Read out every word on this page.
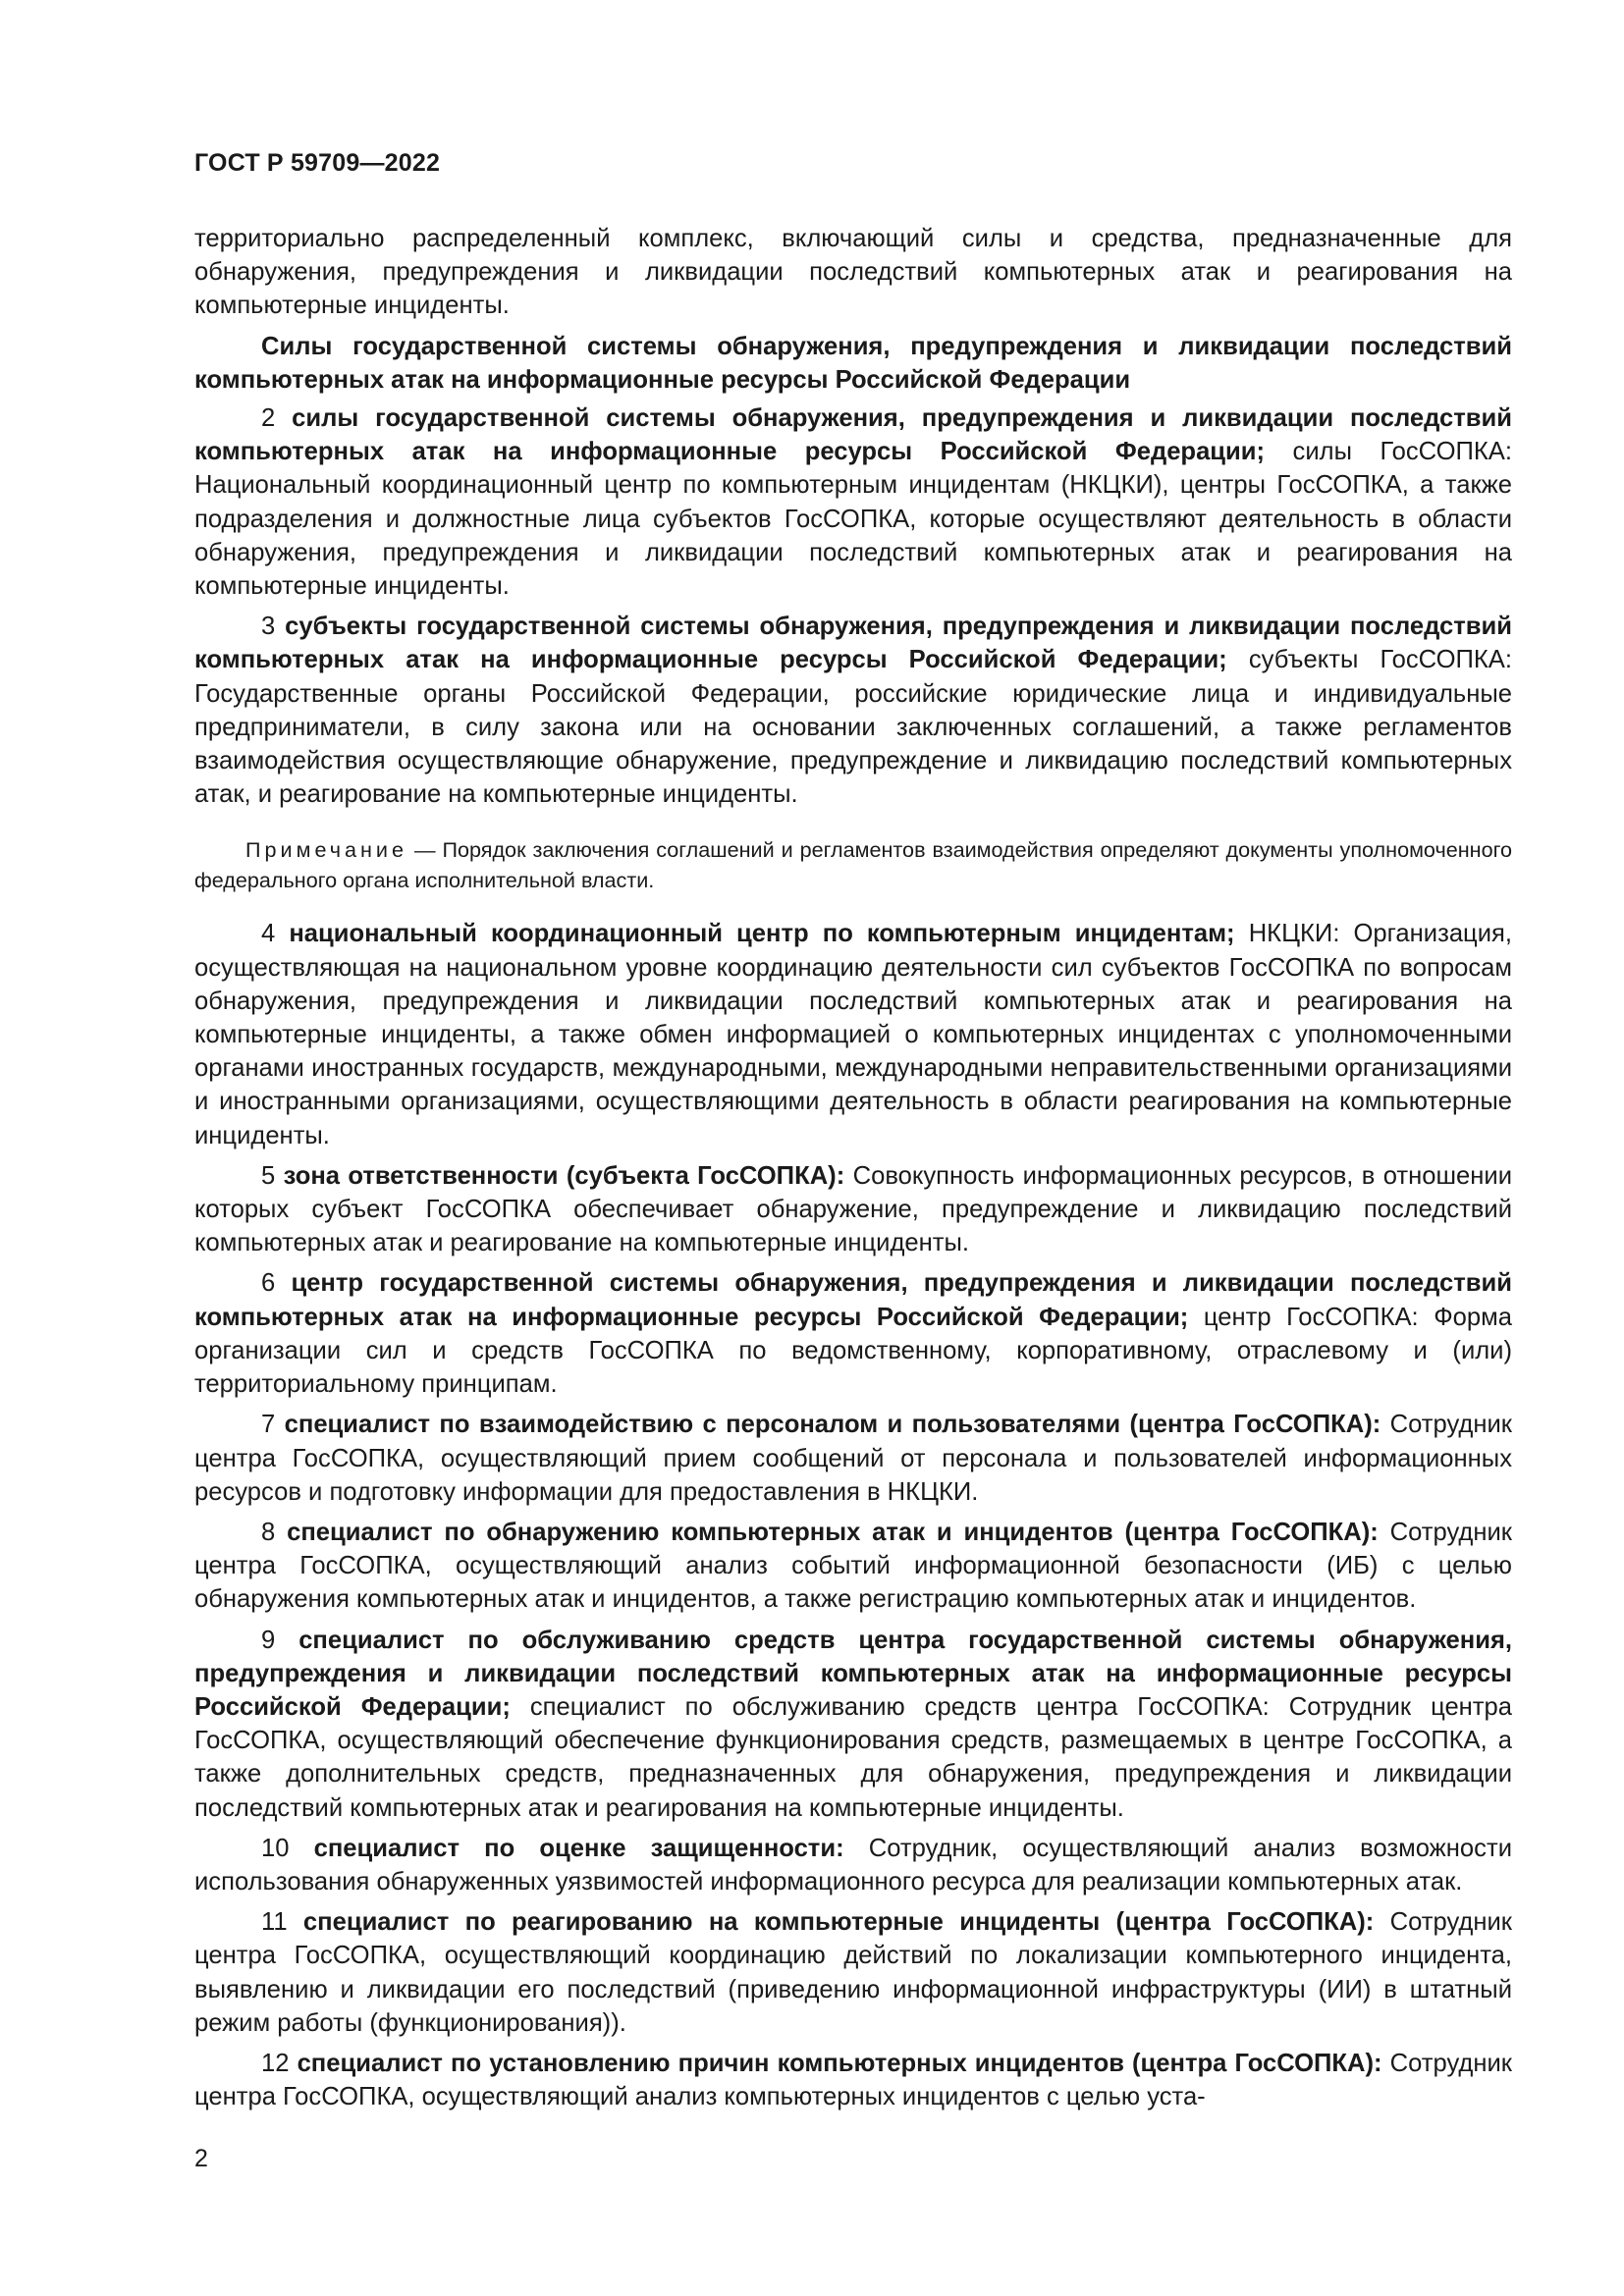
ГОСТ Р 59709—2022

территориально распределенный комплекс, включающий силы и средства, предназначенные для обнаружения, предупреждения и ликвидации последствий компьютерных атак и реагирования на компьютерные инциденты.

Силы государственной системы обнаружения, предупреждения и ликвидации последствий компьютерных атак на информационные ресурсы Российской Федерации

2 силы государственной системы обнаружения, предупреждения и ликвидации последствий компьютерных атак на информационные ресурсы Российской Федерации; силы ГосСОПКА: Национальный координационный центр по компьютерным инцидентам (НКЦКИ), центры ГосСОПКА, а также подразделения и должностные лица субъектов ГосСОПКА, которые осуществляют деятельность в области обнаружения, предупреждения и ликвидации последствий компьютерных атак и реагирования на компьютерные инциденты.

3 субъекты государственной системы обнаружения, предупреждения и ликвидации последствий компьютерных атак на информационные ресурсы Российской Федерации; субъекты ГосСОПКА: Государственные органы Российской Федерации, российские юридические лица и индивидуальные предприниматели, в силу закона или на основании заключенных соглашений, а также регламентов взаимодействия осуществляющие обнаружение, предупреждение и ликвидацию последствий компьютерных атак, и реагирование на компьютерные инциденты.

Примечание — Порядок заключения соглашений и регламентов взаимодействия определяют документы уполномоченного федерального органа исполнительной власти.

4 национальный координационный центр по компьютерным инцидентам; НКЦКИ: Организация, осуществляющая на национальном уровне координацию деятельности сил субъектов ГосСОПКА по вопросам обнаружения, предупреждения и ликвидации последствий компьютерных атак и реагирования на компьютерные инциденты, а также обмен информацией о компьютерных инцидентах с уполномоченными органами иностранных государств, международными, международными неправительственными организациями и иностранными организациями, осуществляющими деятельность в области реагирования на компьютерные инциденты.

5 зона ответственности (субъекта ГосСОПКА): Совокупность информационных ресурсов, в отношении которых субъект ГосСОПКА обеспечивает обнаружение, предупреждение и ликвидацию последствий компьютерных атак и реагирование на компьютерные инциденты.

6 центр государственной системы обнаружения, предупреждения и ликвидации последствий компьютерных атак на информационные ресурсы Российской Федерации; центр ГосСОПКА: Форма организации сил и средств ГосСОПКА по ведомственному, корпоративному, отраслевому и (или) территориальному принципам.

7 специалист по взаимодействию с персоналом и пользователями (центра ГосСОПКА): Сотрудник центра ГосСОПКА, осуществляющий прием сообщений от персонала и пользователей информационных ресурсов и подготовку информации для предоставления в НКЦКИ.

8 специалист по обнаружению компьютерных атак и инцидентов (центра ГосСОПКА): Сотрудник центра ГосСОПКА, осуществляющий анализ событий информационной безопасности (ИБ) с целью обнаружения компьютерных атак и инцидентов, а также регистрацию компьютерных атак и инцидентов.

9 специалист по обслуживанию средств центра государственной системы обнаружения, предупреждения и ликвидации последствий компьютерных атак на информационные ресурсы Российской Федерации; специалист по обслуживанию средств центра ГосСОПКА: Сотрудник центра ГосСОПКА, осуществляющий обеспечение функционирования средств, размещаемых в центре ГосСОПКА, а также дополнительных средств, предназначенных для обнаружения, предупреждения и ликвидации последствий компьютерных атак и реагирования на компьютерные инциденты.

10 специалист по оценке защищенности: Сотрудник, осуществляющий анализ возможности использования обнаруженных уязвимостей информационного ресурса для реализации компьютерных атак.

11 специалист по реагированию на компьютерные инциденты (центра ГосСОПКА): Сотрудник центра ГосСОПКА, осуществляющий координацию действий по локализации компьютерного инцидента, выявлению и ликвидации его последствий (приведению информационной инфраструктуры (ИИ) в штатный режим работы (функционирования)).

12 специалист по установлению причин компьютерных инцидентов (центра ГосСОПКА): Сотрудник центра ГосСОПКА, осуществляющий анализ компьютерных инцидентов с целью уста-

2
